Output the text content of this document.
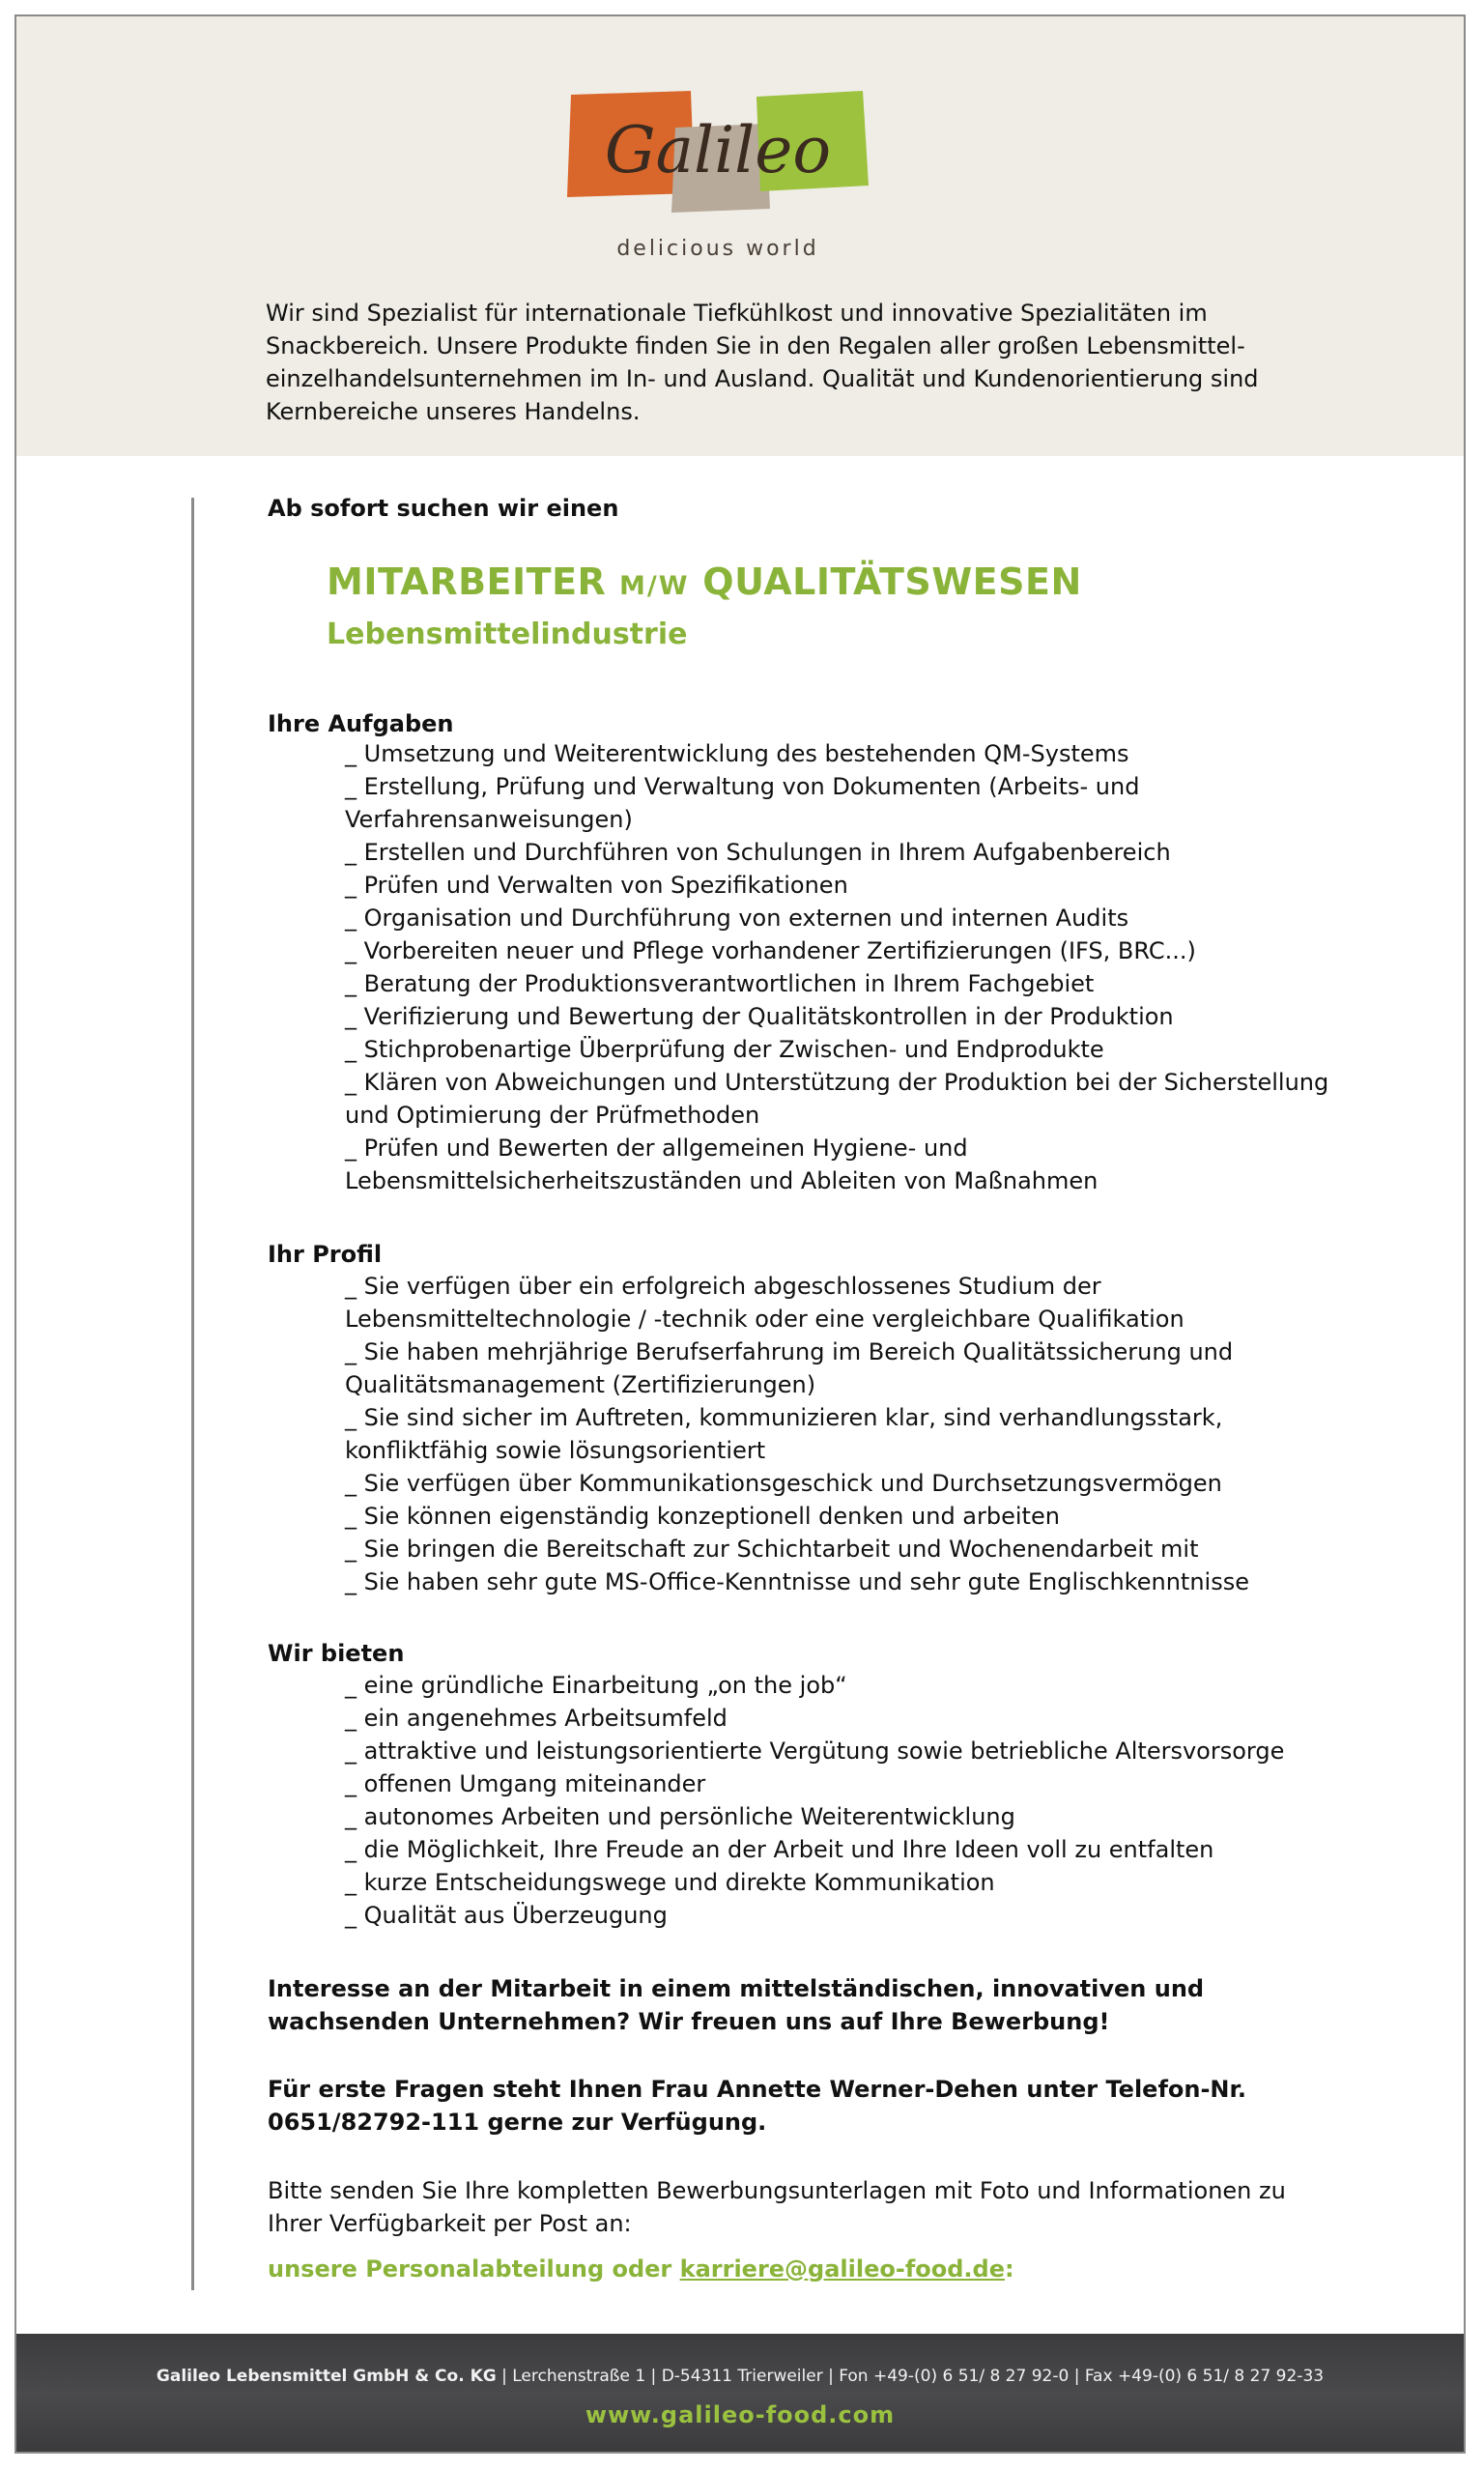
Galileo
delicious world

Wir sind Spezialist für internationale Tiefkühlkost und innovative Spezialitäten im Snackbereich. Unsere Produkte finden Sie in den Regalen aller großen Lebensmittel-einzelhandelsunternehmen im In- und Ausland. Qualität und Kundenorientierung sind Kernbereiche unseres Handelns.

Ab sofort suchen wir einen
MITARBEITER M/W QUALITÄTSWESEN
Lebensmittelindustrie
Ihre Aufgaben
_ Umsetzung und Weiterentwicklung des bestehenden QM-Systems
_ Erstellung, Prüfung und Verwaltung von Dokumenten (Arbeits- und Verfahrensanweisungen)
_ Erstellen und Durchführen von Schulungen in Ihrem Aufgabenbereich
_ Prüfen und Verwalten von Spezifikationen
_ Organisation und Durchführung von externen und internen Audits
_ Vorbereiten neuer und Pflege vorhandener Zertifizierungen (IFS, BRC...)
_ Beratung der Produktionsverantwortlichen in Ihrem Fachgebiet
_ Verifizierung und Bewertung der Qualitätskontrollen in der Produktion
_ Stichprobenartige Überprüfung der Zwischen- und Endprodukte
_ Klären von Abweichungen und Unterstützung der Produktion bei der Sicherstellung und Optimierung der Prüfmethoden
_ Prüfen und Bewerten der allgemeinen Hygiene- und Lebensmittelsicherheitszuständen und Ableiten von Maßnahmen
Ihr Profil
_ Sie verfügen über ein erfolgreich abgeschlossenes Studium der Lebensmitteltechnologie / -technik oder eine vergleichbare Qualifikation
_ Sie haben mehrjährige Berufserfahrung im Bereich Qualitätssicherung und Qualitätsmanagement (Zertifizierungen)
_ Sie sind sicher im Auftreten, kommunizieren klar, sind verhandlungsstark, konfliktfähig sowie lösungsorientiert
_ Sie verfügen über Kommunikationsgeschick und Durchsetzungsvermögen
_ Sie können eigenständig konzeptionell denken und arbeiten
_ Sie bringen die Bereitschaft zur Schichtarbeit und Wochenendarbeit mit
_ Sie haben sehr gute MS-Office-Kenntnisse und sehr gute Englischkenntnisse
Wir bieten
_ eine gründliche Einarbeitung „on the job“
_ ein angenehmes Arbeitsumfeld
_ attraktive und leistungsorientierte Vergütung sowie betriebliche Altersvorsorge
_ offenen Umgang miteinander
_ autonomes Arbeiten und persönliche Weiterentwicklung
_ die Möglichkeit, Ihre Freude an der Arbeit und Ihre Ideen voll zu entfalten
_ kurze Entscheidungswege und direkte Kommunikation
_ Qualität aus Überzeugung

Interesse an der Mitarbeit in einem mittelständischen, innovativen und wachsenden Unternehmen? Wir freuen uns auf Ihre Bewerbung!

Für erste Fragen steht Ihnen Frau Annette Werner-Dehen unter Telefon-Nr. 0651/82792-111 gerne zur Verfügung.

Bitte senden Sie Ihre kompletten Bewerbungsunterlagen mit Foto und Informationen zu Ihrer Verfügbarkeit per Post an:

unsere Personalabteilung oder karriere@galileo-food.de:
Galileo Lebensmittel GmbH & Co. KG | Lerchenstraße 1 | D-54311 Trierweiler | Fon +49-(0) 6 51/ 8 27 92-0 | Fax +49-(0) 6 51/ 8 27 92-33
www.galileo-food.com
